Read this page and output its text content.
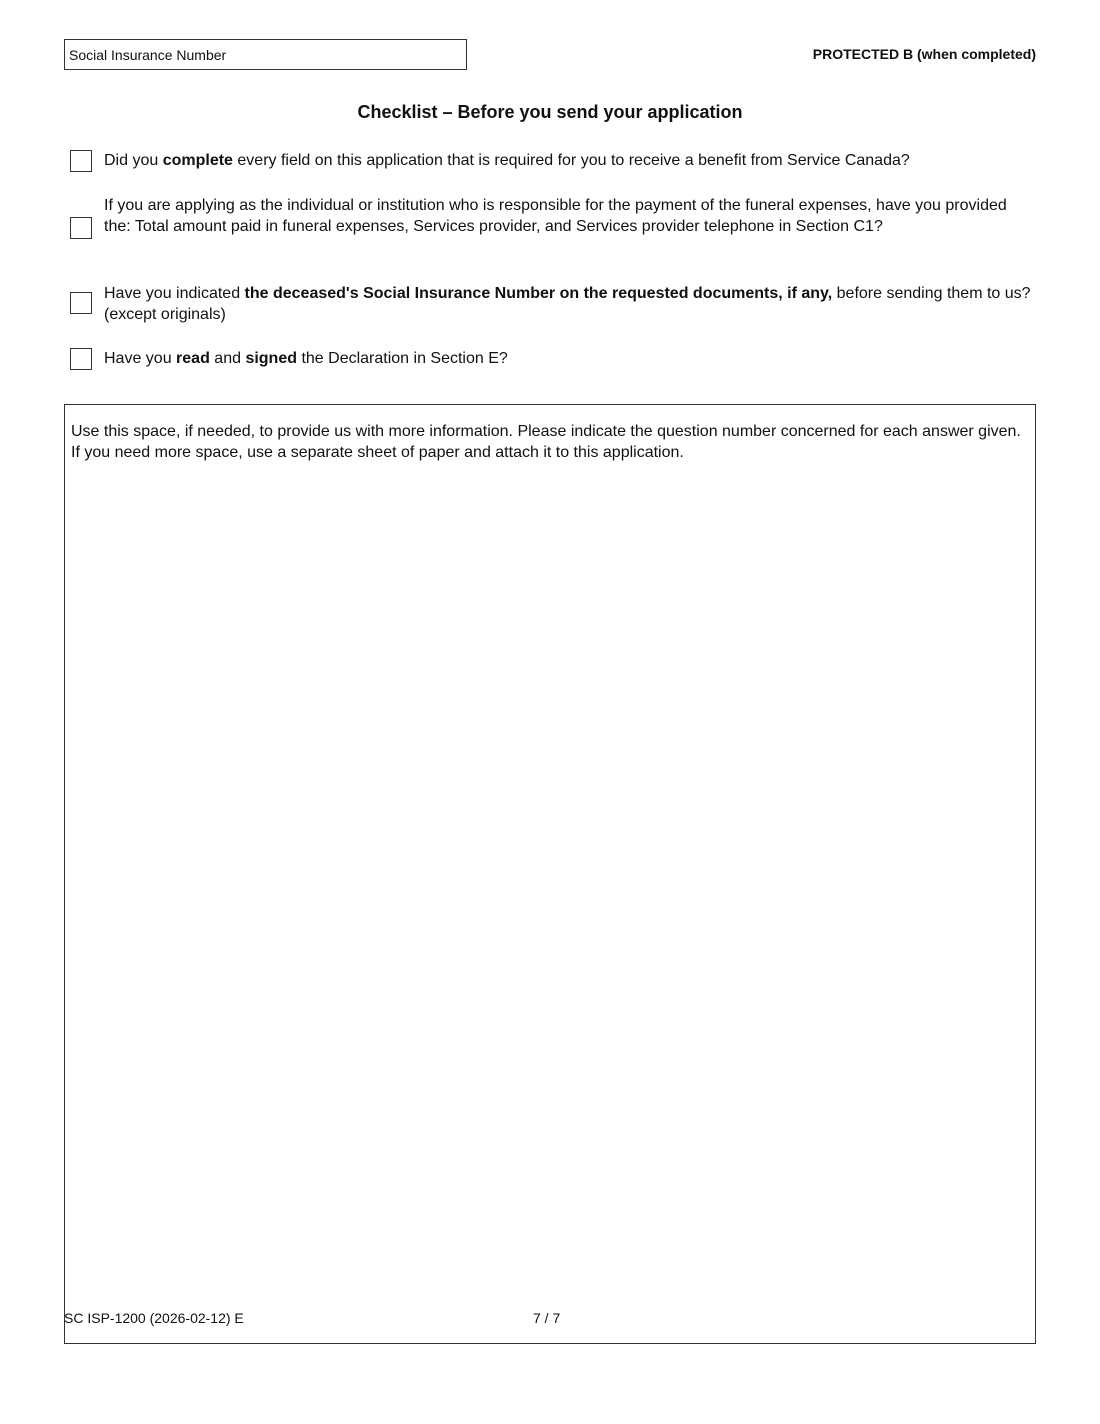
Social Insurance Number	PROTECTED B (when completed)
Checklist – Before you send your application
Did you complete every field on this application that is required for you to receive a benefit from Service Canada?
If you are applying as the individual or institution who is responsible for the payment of the funeral expenses, have you provided the: Total amount paid in funeral expenses, Services provider, and Services provider telephone in Section C1?
Have you indicated the deceased's Social Insurance Number on the requested documents, if any, before sending them to us? (except originals)
Have you read and signed the Declaration in Section E?
Use this space, if needed, to provide us with more information. Please indicate the question number concerned for each answer given. If you need more space, use a separate sheet of paper and attach it to this application.
SC ISP-1200 (2026-02-12) E	7 / 7
